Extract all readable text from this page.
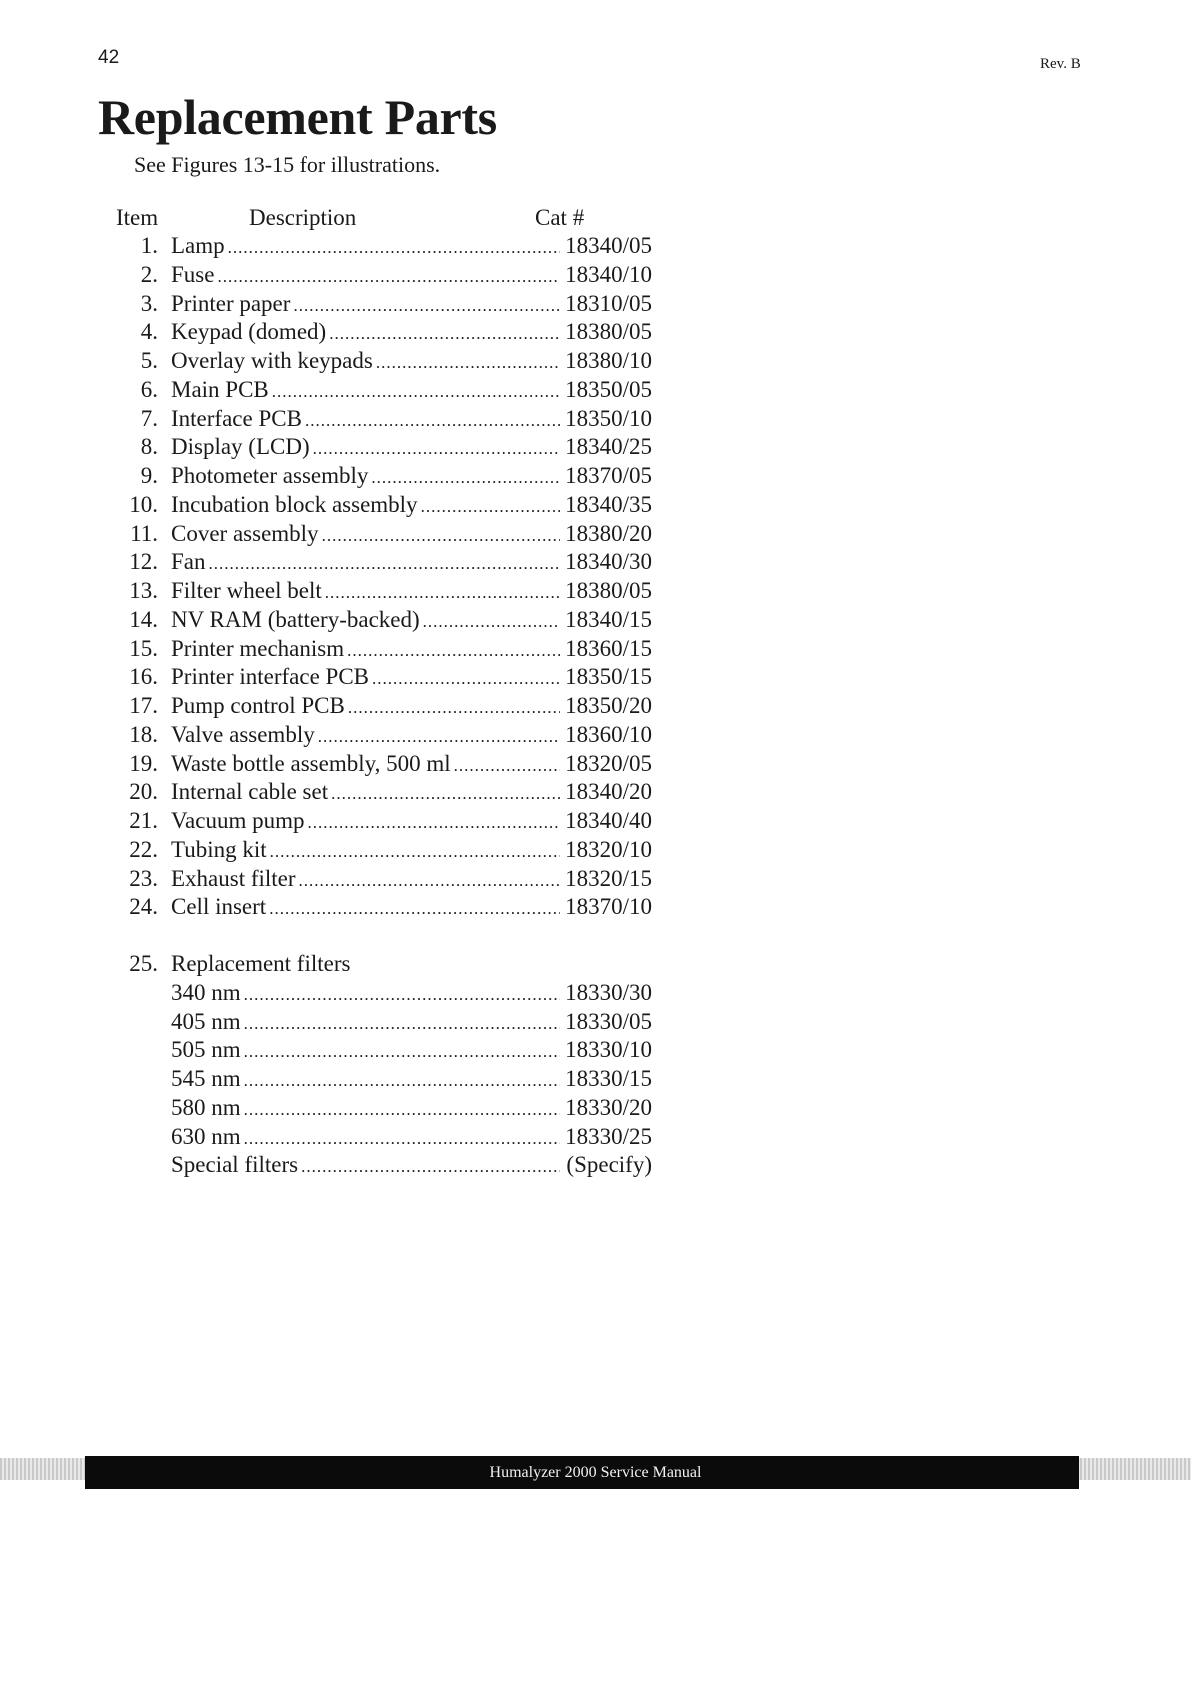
42	Rev. B
Replacement Parts
See Figures 13-15 for illustrations.
Item	Description	Cat #
1. Lamp .....	18340/05
2. Fuse .....	18340/10
3. Printer paper .....	18310/05
4. Keypad (domed) .....	18380/05
5. Overlay with keypads .....	18380/10
6. Main PCB .....	18350/05
7. Interface PCB .....	18350/10
8. Display (LCD) .....	18340/25
9. Photometer assembly .....	18370/05
10. Incubation block assembly .....	18340/35
11. Cover assembly .....	18380/20
12. Fan .....	18340/30
13. Filter wheel belt .....	18380/05
14. NV RAM (battery-backed) .....	18340/15
15. Printer mechanism .....	18360/15
16. Printer interface PCB .....	18350/15
17. Pump control PCB .....	18350/20
18. Valve assembly .....	18360/10
19. Waste bottle assembly, 500 ml .....	18320/05
20. Internal cable set .....	18340/20
21. Vacuum pump .....	18340/40
22. Tubing kit .....	18320/10
23. Exhaust filter .....	18320/15
24. Cell insert .....	18370/10
25. Replacement filters
340 nm .....	18330/30
405 nm .....	18330/05
505 nm .....	18330/10
545 nm .....	18330/15
580 nm .....	18330/20
630 nm .....	18330/25
Special filters .....	(Specify)
Humalyzer 2000 Service Manual
